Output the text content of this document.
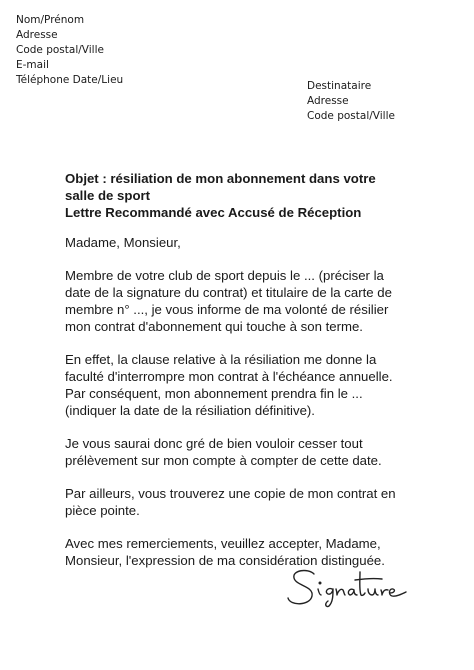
Nom/Prénom
Adresse
Code postal/Ville
E-mail
Téléphone Date/Lieu	Destinataire
Adresse
Code postal/Ville
Objet : résiliation de mon abonnement dans votre
salle de sport
Lettre Recommandé avec Accusé de Réception
Madame, Monsieur,
Membre de votre club de sport depuis le ... (préciser la
date de la signature du contrat) et titulaire de la carte de
membre n° ..., je vous informe de ma volonté de résilier
mon contrat d'abonnement qui touche à son terme.
En effet, la clause relative à la résiliation me donne la
faculté d'interrompre mon contrat à l'échéance annuelle.
Par conséquent, mon abonnement prendra fin le ...
(indiquer la date de la résiliation définitive).
Je vous saurai donc gré de bien vouloir cesser tout
prélèvement sur mon compte à compter de cette date.
Par ailleurs, vous trouverez une copie de mon contrat en
pièce pointe.
Avec mes remerciements, veuillez accepter, Madame,
Monsieur, l'expression de ma considération distinguée.
